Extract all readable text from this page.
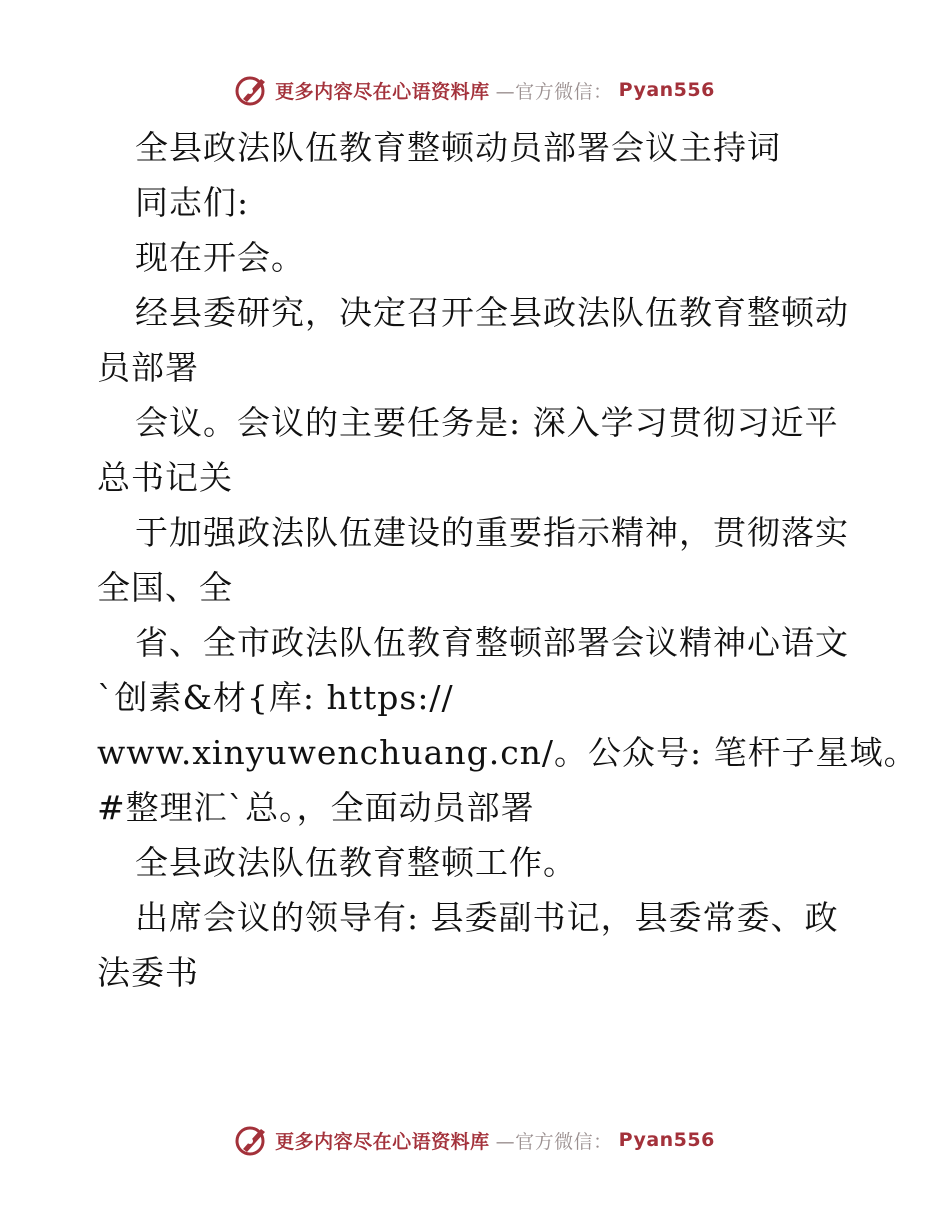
更多内容尽在心语资料库 —官方微信： Pyan556
全县政法队伍教育整顿动员部署会议主持词
同志们:
现在开会。
经县委研究，决定召开全县政法队伍教育整顿动
员部署
会议。会议的主要任务是: 深入学习贯彻习近平
总书记关
于加强政法队伍建设的重要指示精神，贯彻落实
全国、全
省、全市政法队伍教育整顿部署会议精神心语文
`创素&材{库: https://
www.xinyuwenchuang.cn/。公众号: 笔杆子星域。
#整理汇`总。，全面动员部署
全县政法队伍教育整顿工作。
出席会议的领导有: 县委副书记，县委常委、政
法委书
更多内容尽在心语资料库 —官方微信： Pyan556
